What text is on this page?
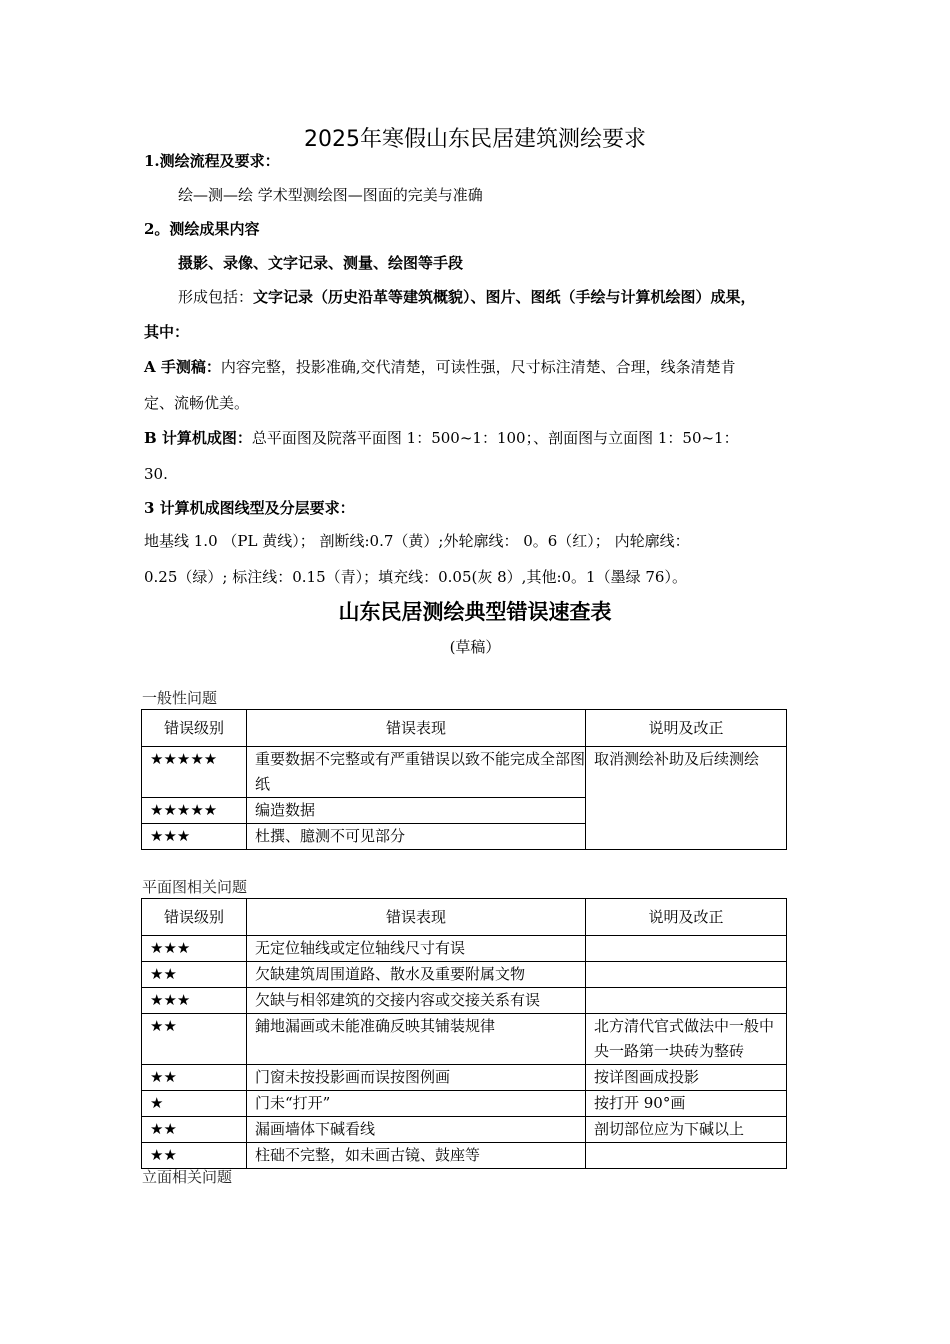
2025年寒假山东民居建筑测绘要求
1.测绘流程及要求：
绘—测—绘 学术型测绘图—图面的完美与准确
2。测绘成果内容
摄影、录像、文字记录、测量、绘图等手段
形成包括：文字记录（历史沿革等建筑概貌）、图片、图纸（手绘与计算机绘图）成果，
其中：
A 手测稿：内容完整，投影准确,交代清楚，可读性强，尺寸标注清楚、合理，线条清楚肯
定、流畅优美。
B 计算机成图：总平面图及院落平面图 1：500~1：100；、剖面图与立面图 1：50~1：
30.
3 计算机成图线型及分层要求：
地基线 1.0 （PL 黄线）； 剖断线:0.7（黄）;外轮廓线： 0。6（红）； 内轮廓线：
0.25（绿）; 标注线：0.15（青）；填充线：0.05(灰 8）,其他:0。1（墨绿 76）。
山东民居测绘典型错误速查表
(草稿）
一般性问题
错误级别	错误表现	说明及改正
★★★★★	重要数据不完整或有严重错误以致不能完成全部图纸	取消测绘补助及后续测绘
★★★★★	编造数据	
★★★	杜撰、臆测不可见部分	
平面图相关问题
错误级别	错误表现	说明及改正
★★★	无定位轴线或定位轴线尺寸有误	
★★	欠缺建筑周围道路、散水及重要附属文物	
★★★	欠缺与相邻建筑的交接内容或交接关系有误	
★★	鋪地漏画或未能准确反映其铺装规律	北方清代官式做法中一般中央一路第一块砖为整砖
★★	门窗未按投影画而误按图例画	按详图画成投影
★	门未“打开”	按打开 90°画
★★	漏画墙体下碱看线	剖切部位应为下碱以上
★★	柱础不完整，如未画古镜、鼓座等	
立面相关问题
